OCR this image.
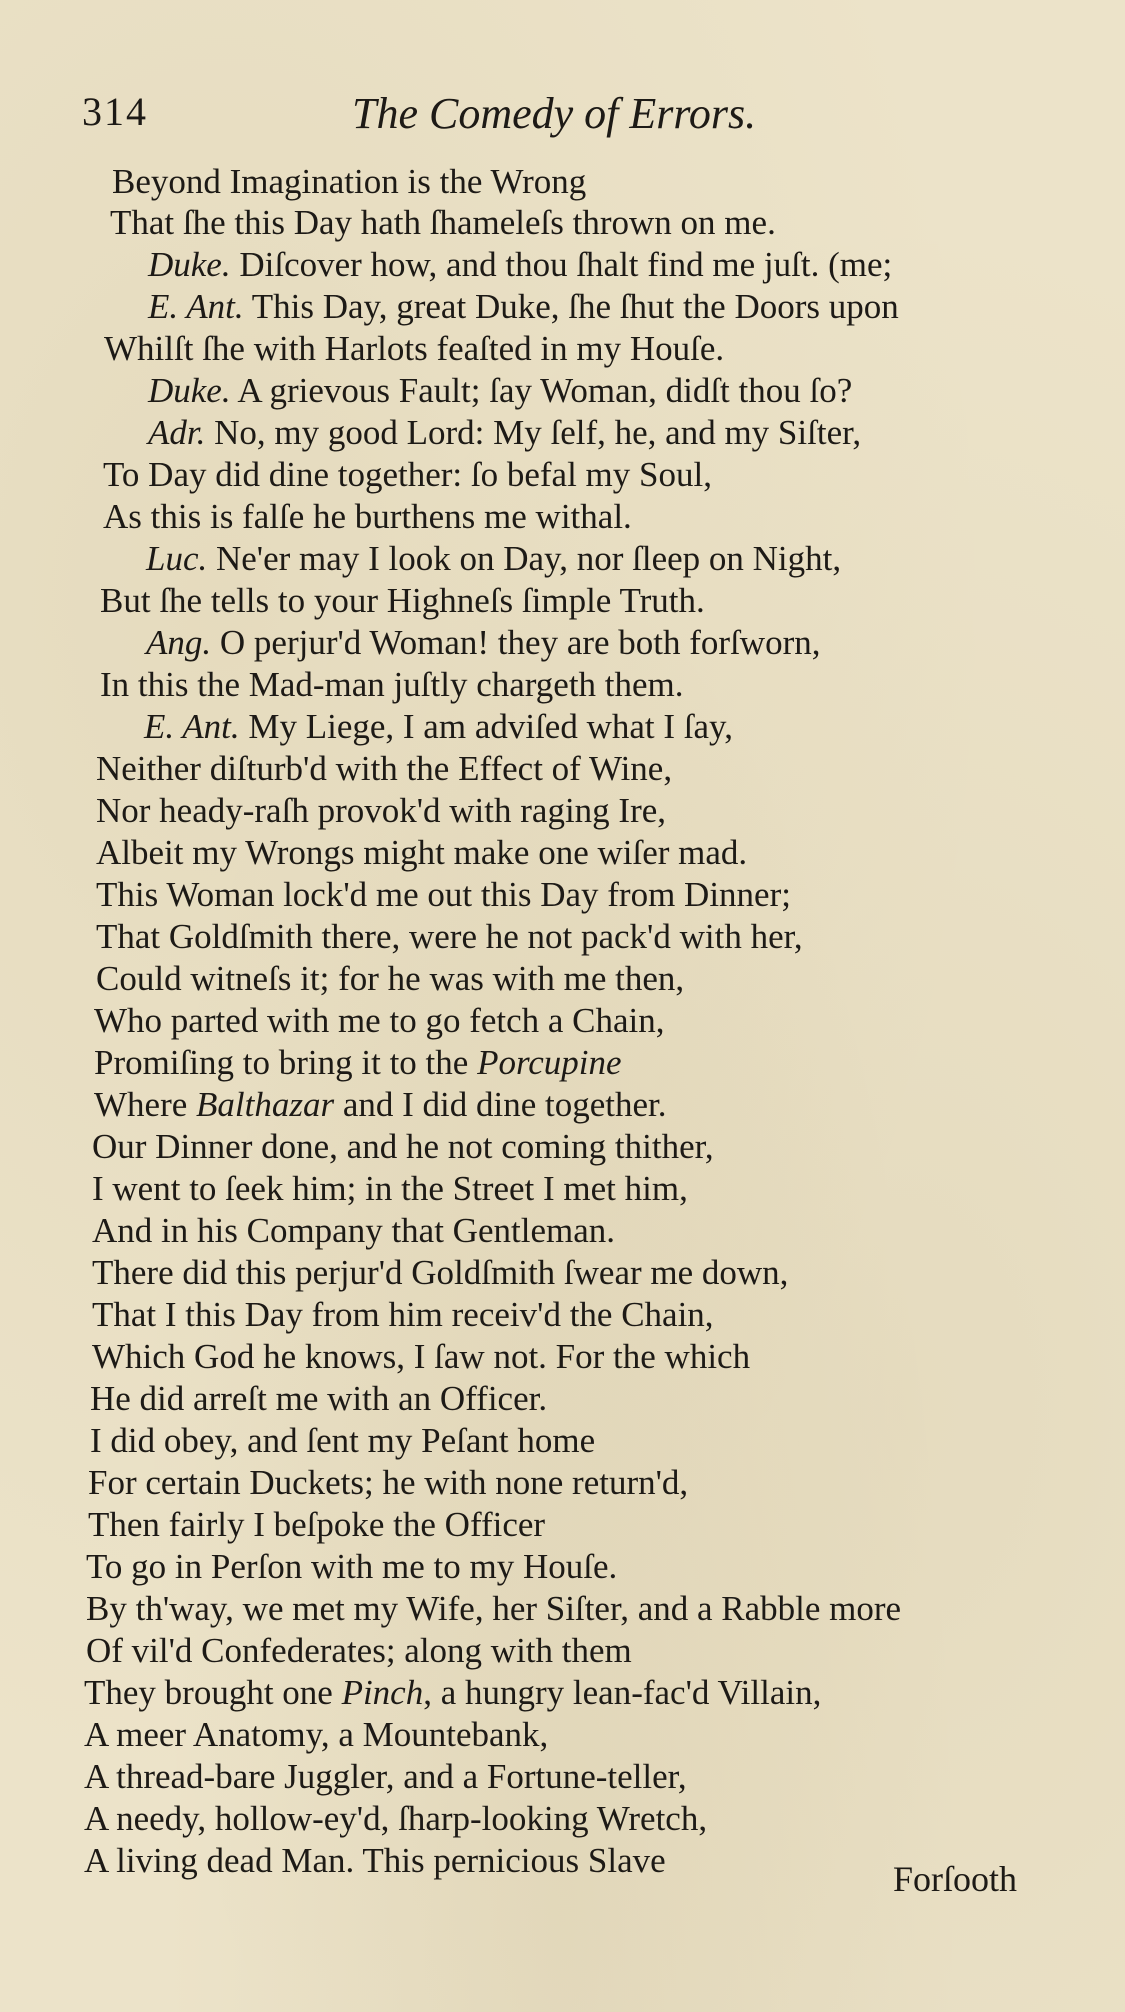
314	The Comedy of Errors.
Beyond Imagination is the Wrong
That ſhe this Day hath ſhameleſs thrown on me.
Duke. Diſcover how, and thou ſhalt find me juſt. (me;
E. Ant. This Day, great Duke, ſhe ſhut the Doors upon
Whilſt ſhe with Harlots feaſted in my Houſe.
Duke. A grievous Fault; ſay Woman, didſt thou ſo?
Adr. No, my good Lord: My ſelf, he, and my Siſter,
To Day did dine together: ſo befal my Soul,
As this is falſe he burthens me withal.
Luc. Ne'er may I look on Day, nor ſleep on Night,
But ſhe tells to your Highneſs ſimple Truth.
Ang. O perjur'd Woman! they are both forſworn,
In this the Mad-man juſtly chargeth them.
E. Ant. My Liege, I am adviſed what I ſay,
Neither diſturb'd with the Effect of Wine,
Nor heady-raſh provok'd with raging Ire,
Albeit my Wrongs might make one wiſer mad.
This Woman lock'd me out this Day from Dinner;
That Goldſmith there, were he not pack'd with her,
Could witneſs it; for he was with me then,
Who parted with me to go fetch a Chain,
Promiſing to bring it to the Porcupine
Where Balthazar and I did dine together.
Our Dinner done, and he not coming thither,
I went to ſeek him; in the Street I met him,
And in his Company that Gentleman.
There did this perjur'd Goldſmith ſwear me down,
That I this Day from him receiv'd the Chain,
Which God he knows, I ſaw not. For the which
He did arreſt me with an Officer.
I did obey, and ſent my Peſant home
For certain Duckets; he with none return'd,
Then fairly I beſpoke the Officer
To go in Perſon with me to my Houſe.
By th'way, we met my Wife, her Siſter, and a Rabble more
Of vil'd Confederates; along with them
They brought one Pinch, a hungry lean-fac'd Villain,
A meer Anatomy, a Mountebank,
A thread-bare Juggler, and a Fortune-teller,
A needy, hollow-ey'd, ſharp-looking Wretch,
A living dead Man. This pernicious Slave	Forſooth
